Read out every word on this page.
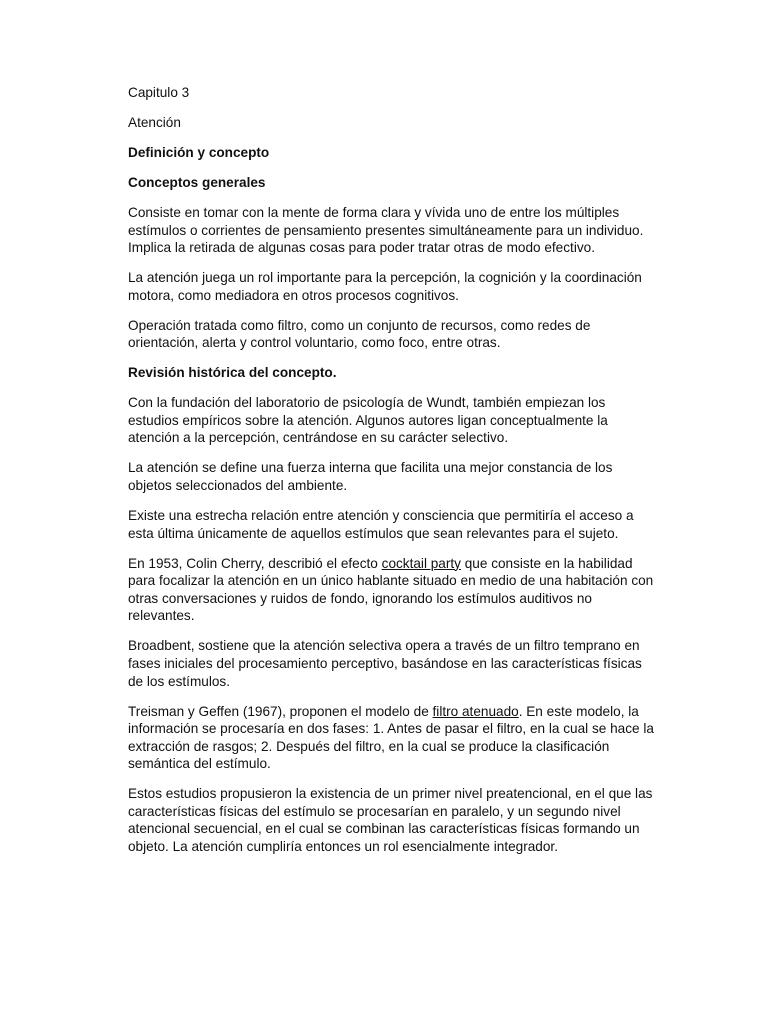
Capitulo 3

Atención

Definición y concepto

Conceptos generales

Consiste en tomar con la mente de forma clara y vívida uno de entre los múltiples estímulos o corrientes de pensamiento presentes simultáneamente para un individuo. Implica la retirada de algunas cosas para poder tratar otras de modo efectivo.

La atención juega un rol importante para la percepción, la cognición y la coordinación motora, como mediadora en otros procesos cognitivos.

Operación tratada como filtro, como un conjunto de recursos, como redes de orientación, alerta y control voluntario, como foco, entre otras.

Revisión histórica del concepto.

Con la fundación del laboratorio de psicología de Wundt, también empiezan los estudios empíricos sobre la atención. Algunos autores ligan conceptualmente la atención a la percepción, centrándose en su carácter selectivo.

La atención se define una fuerza interna que facilita una mejor constancia de los objetos seleccionados del ambiente.

Existe una estrecha relación entre atención y consciencia que permitiría el acceso a esta última únicamente de aquellos estímulos que sean relevantes para el sujeto.

En 1953, Colin Cherry, describió el efecto cocktail party que consiste en la habilidad para focalizar la atención en un único hablante situado en medio de una habitación con otras conversaciones y ruidos de fondo, ignorando los estímulos auditivos no relevantes.

Broadbent, sostiene que la atención selectiva opera a través de un filtro temprano en fases iniciales del procesamiento perceptivo, basándose en las características físicas de los estímulos.

Treisman y Geffen (1967), proponen el modelo de filtro atenuado. En este modelo, la información se procesaría en dos fases: 1. Antes de pasar el filtro, en la cual se hace la extracción de rasgos; 2. Después del filtro, en la cual se produce la clasificación semántica del estímulo.

Estos estudios propusieron la existencia de un primer nivel preatencional, en el que las características físicas del estímulo se procesarían en paralelo, y un segundo nivel atencional secuencial, en el cual se combinan las características físicas formando un objeto. La atención cumpliría entonces un rol esencialmente integrador.
